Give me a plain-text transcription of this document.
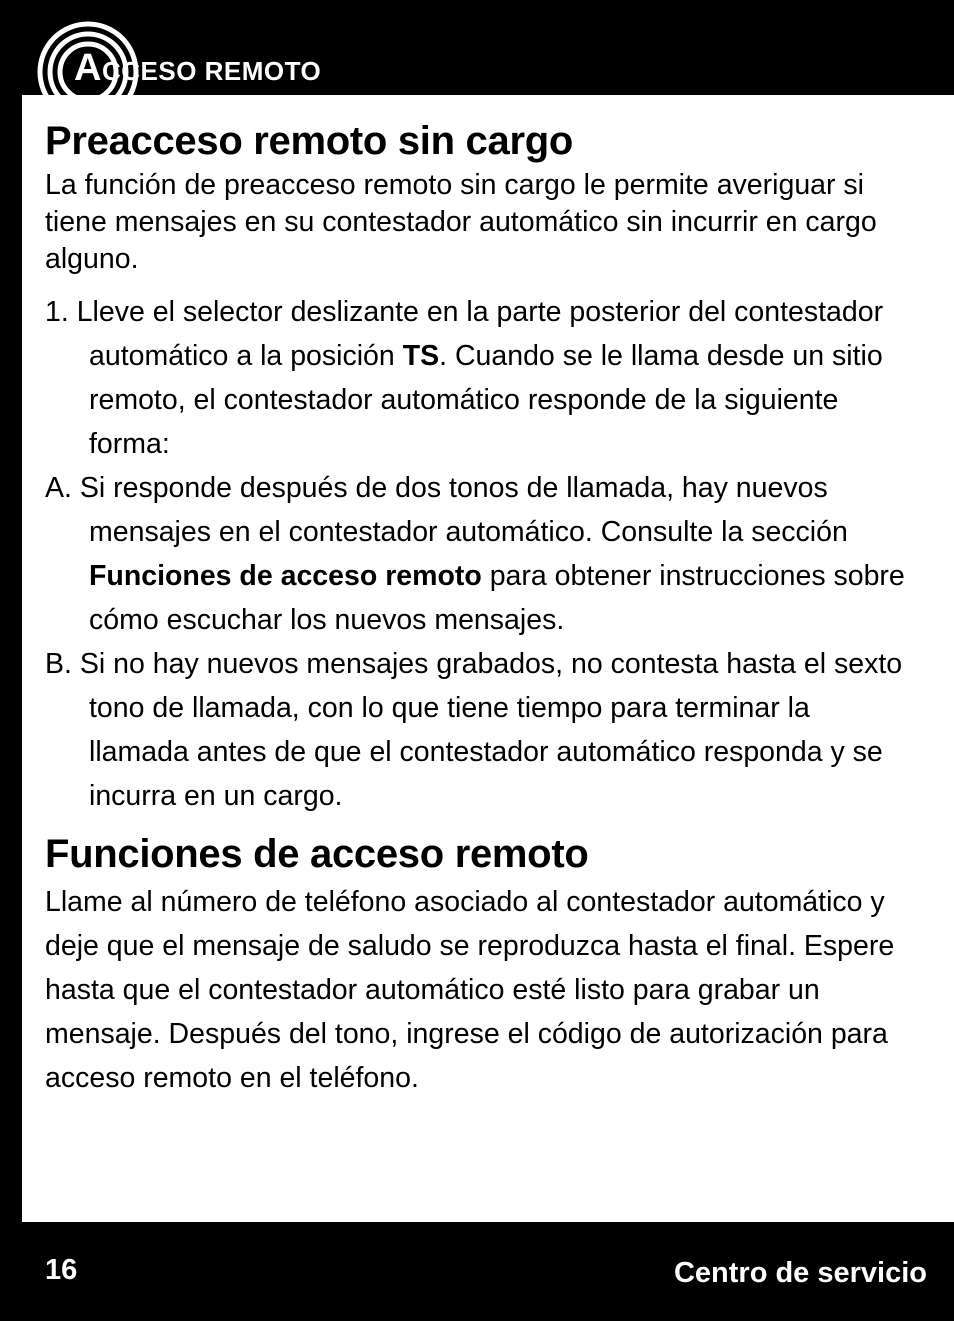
ACCESO REMOTO
Preacceso remoto sin cargo

La función de preacceso remoto sin cargo le permite averiguar si tiene mensajes en su contestador automático sin incurrir en cargo alguno.

1. Lleve el selector deslizante en la parte posterior del contestador automático a la posición TS. Cuando se le llama desde un sitio remoto, el contestador automático responde de la siguiente forma:
A. Si responde después de dos tonos de llamada, hay nuevos mensajes en el contestador automático. Consulte la sección Funciones de acceso remoto para obtener instrucciones sobre cómo escuchar los nuevos mensajes.
B. Si no hay nuevos mensajes grabados, no contesta hasta el sexto tono de llamada, con lo que tiene tiempo para terminar la llamada antes de que el contestador automático responda y se incurra en un cargo.
Funciones de acceso remoto

Llame al número de teléfono asociado al contestador automático y deje que el mensaje de saludo se reproduzca hasta el final. Espere hasta que el contestador automático esté listo para grabar un mensaje. Después del tono, ingrese el código de autorización para acceso remoto en el teléfono.

16	Centro de servicio
